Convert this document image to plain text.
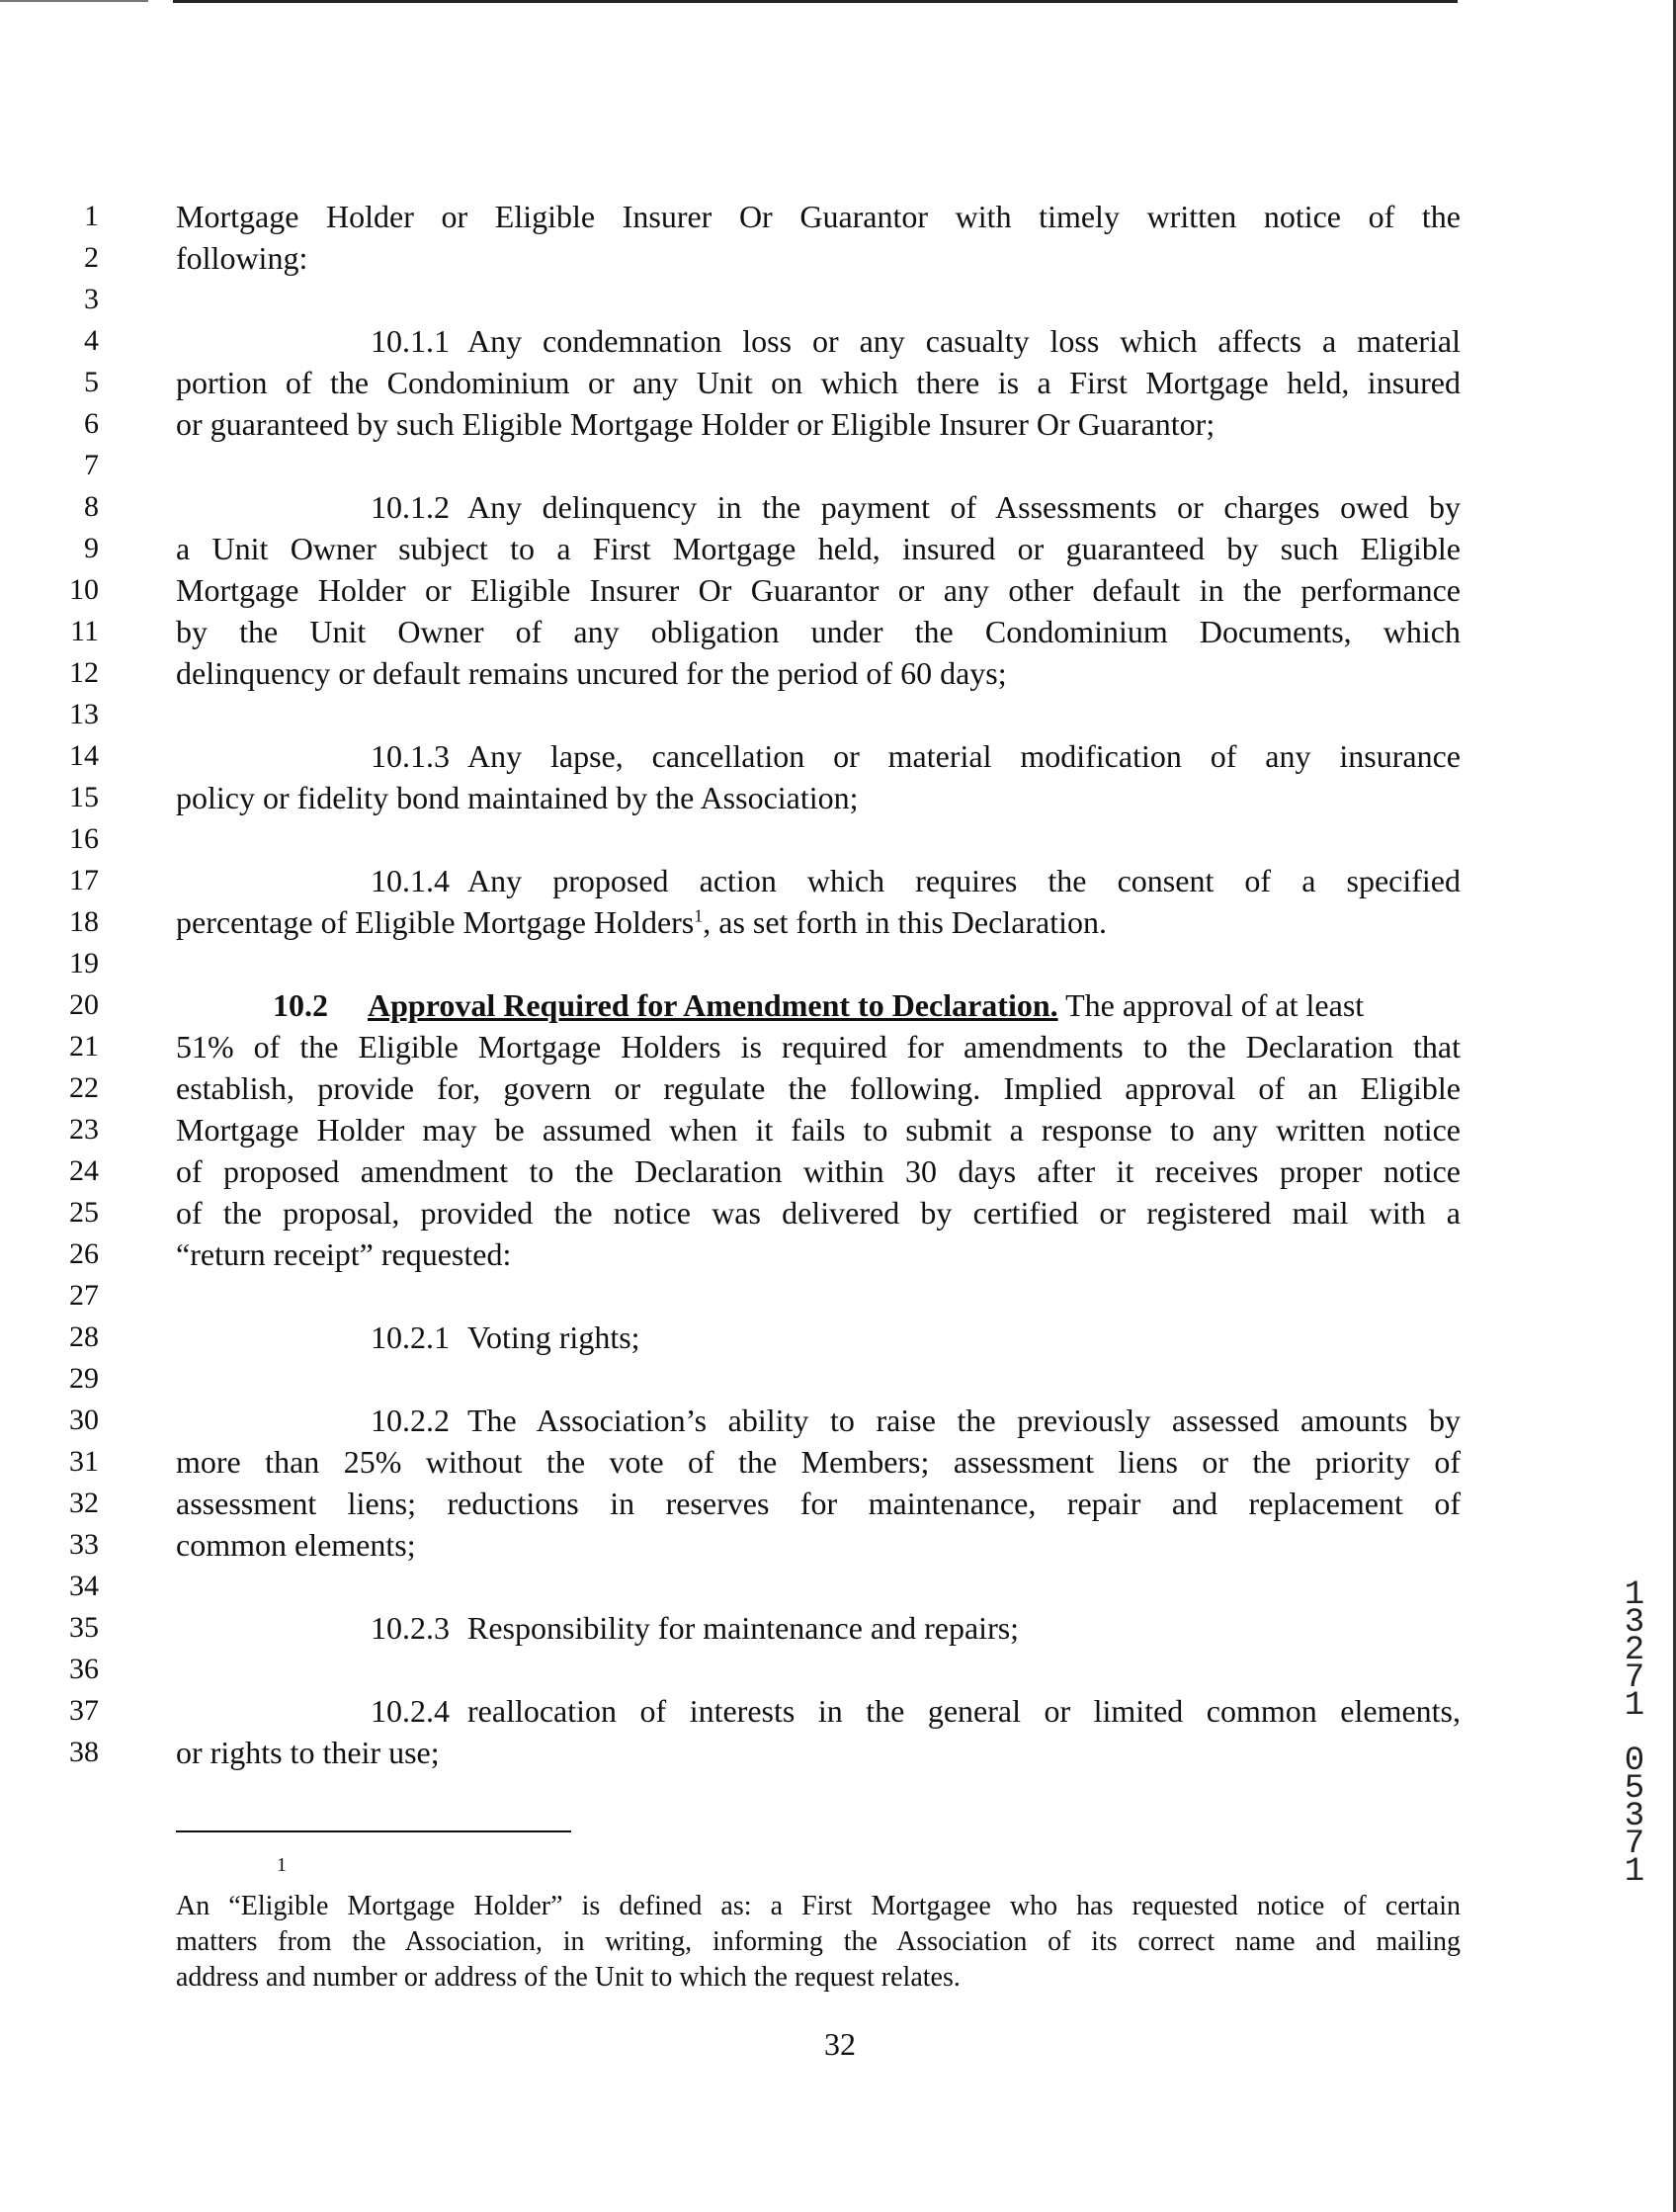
1
2
3
4
5
6
7
8
9
10
11
12
13
14
15
16
17
18
19
20
21
22
23
24
25
26
27
28
29
30
31
32
33
34
35
36
37
38
Mortgage Holder or Eligible Insurer Or Guarantor with timely written notice of the
following:
10.1.1 Any condemnation loss or any casualty loss which affects a material
portion of the Condominium or any Unit on which there is a First Mortgage held, insured
or guaranteed by such Eligible Mortgage Holder or Eligible Insurer Or Guarantor;
10.1.2 Any delinquency in the payment of Assessments or charges owed by
a Unit Owner subject to a First Mortgage held, insured or guaranteed by such Eligible
Mortgage Holder or Eligible Insurer Or Guarantor or any other default in the performance
by the Unit Owner of any obligation under the Condominium Documents, which
delinquency or default remains uncured for the period of 60 days;
10.1.3 Any lapse, cancellation or material modification of any insurance
policy or fidelity bond maintained by the Association;
10.1.4 Any proposed action which requires the consent of a specified
percentage of Eligible Mortgage Holders$^1$, as set forth in this Declaration.
10.2 Approval Required for Amendment to Declaration. The approval of at least
51% of the Eligible Mortgage Holders is required for amendments to the Declaration that
establish, provide for, govern or regulate the following. Implied approval of an Eligible
Mortgage Holder may be assumed when it fails to submit a response to any written notice
of proposed amendment to the Declaration within 30 days after it receives proper notice
of the proposal, provided the notice was delivered by certified or registered mail with a
“return receipt” requested:
10.2.1 Voting rights;
10.2.2 The Association’s ability to raise the previously assessed amounts by
more than 25% without the vote of the Members; assessment liens or the priority of
assessment liens; reductions in reserves for maintenance, repair and replacement of
common elements;
10.2.3 Responsibility for maintenance and repairs;
10.2.4 reallocation of interests in the general or limited common elements,
or rights to their use;
1
An “Eligible Mortgage Holder” is defined as: a First Mortgagee who has requested notice of certain
matters from the Association, in writing, informing the Association of its correct name and mailing
address and number or address of the Unit to which the request relates.
32
1
3
2
7
1

0
5
3
7
1
